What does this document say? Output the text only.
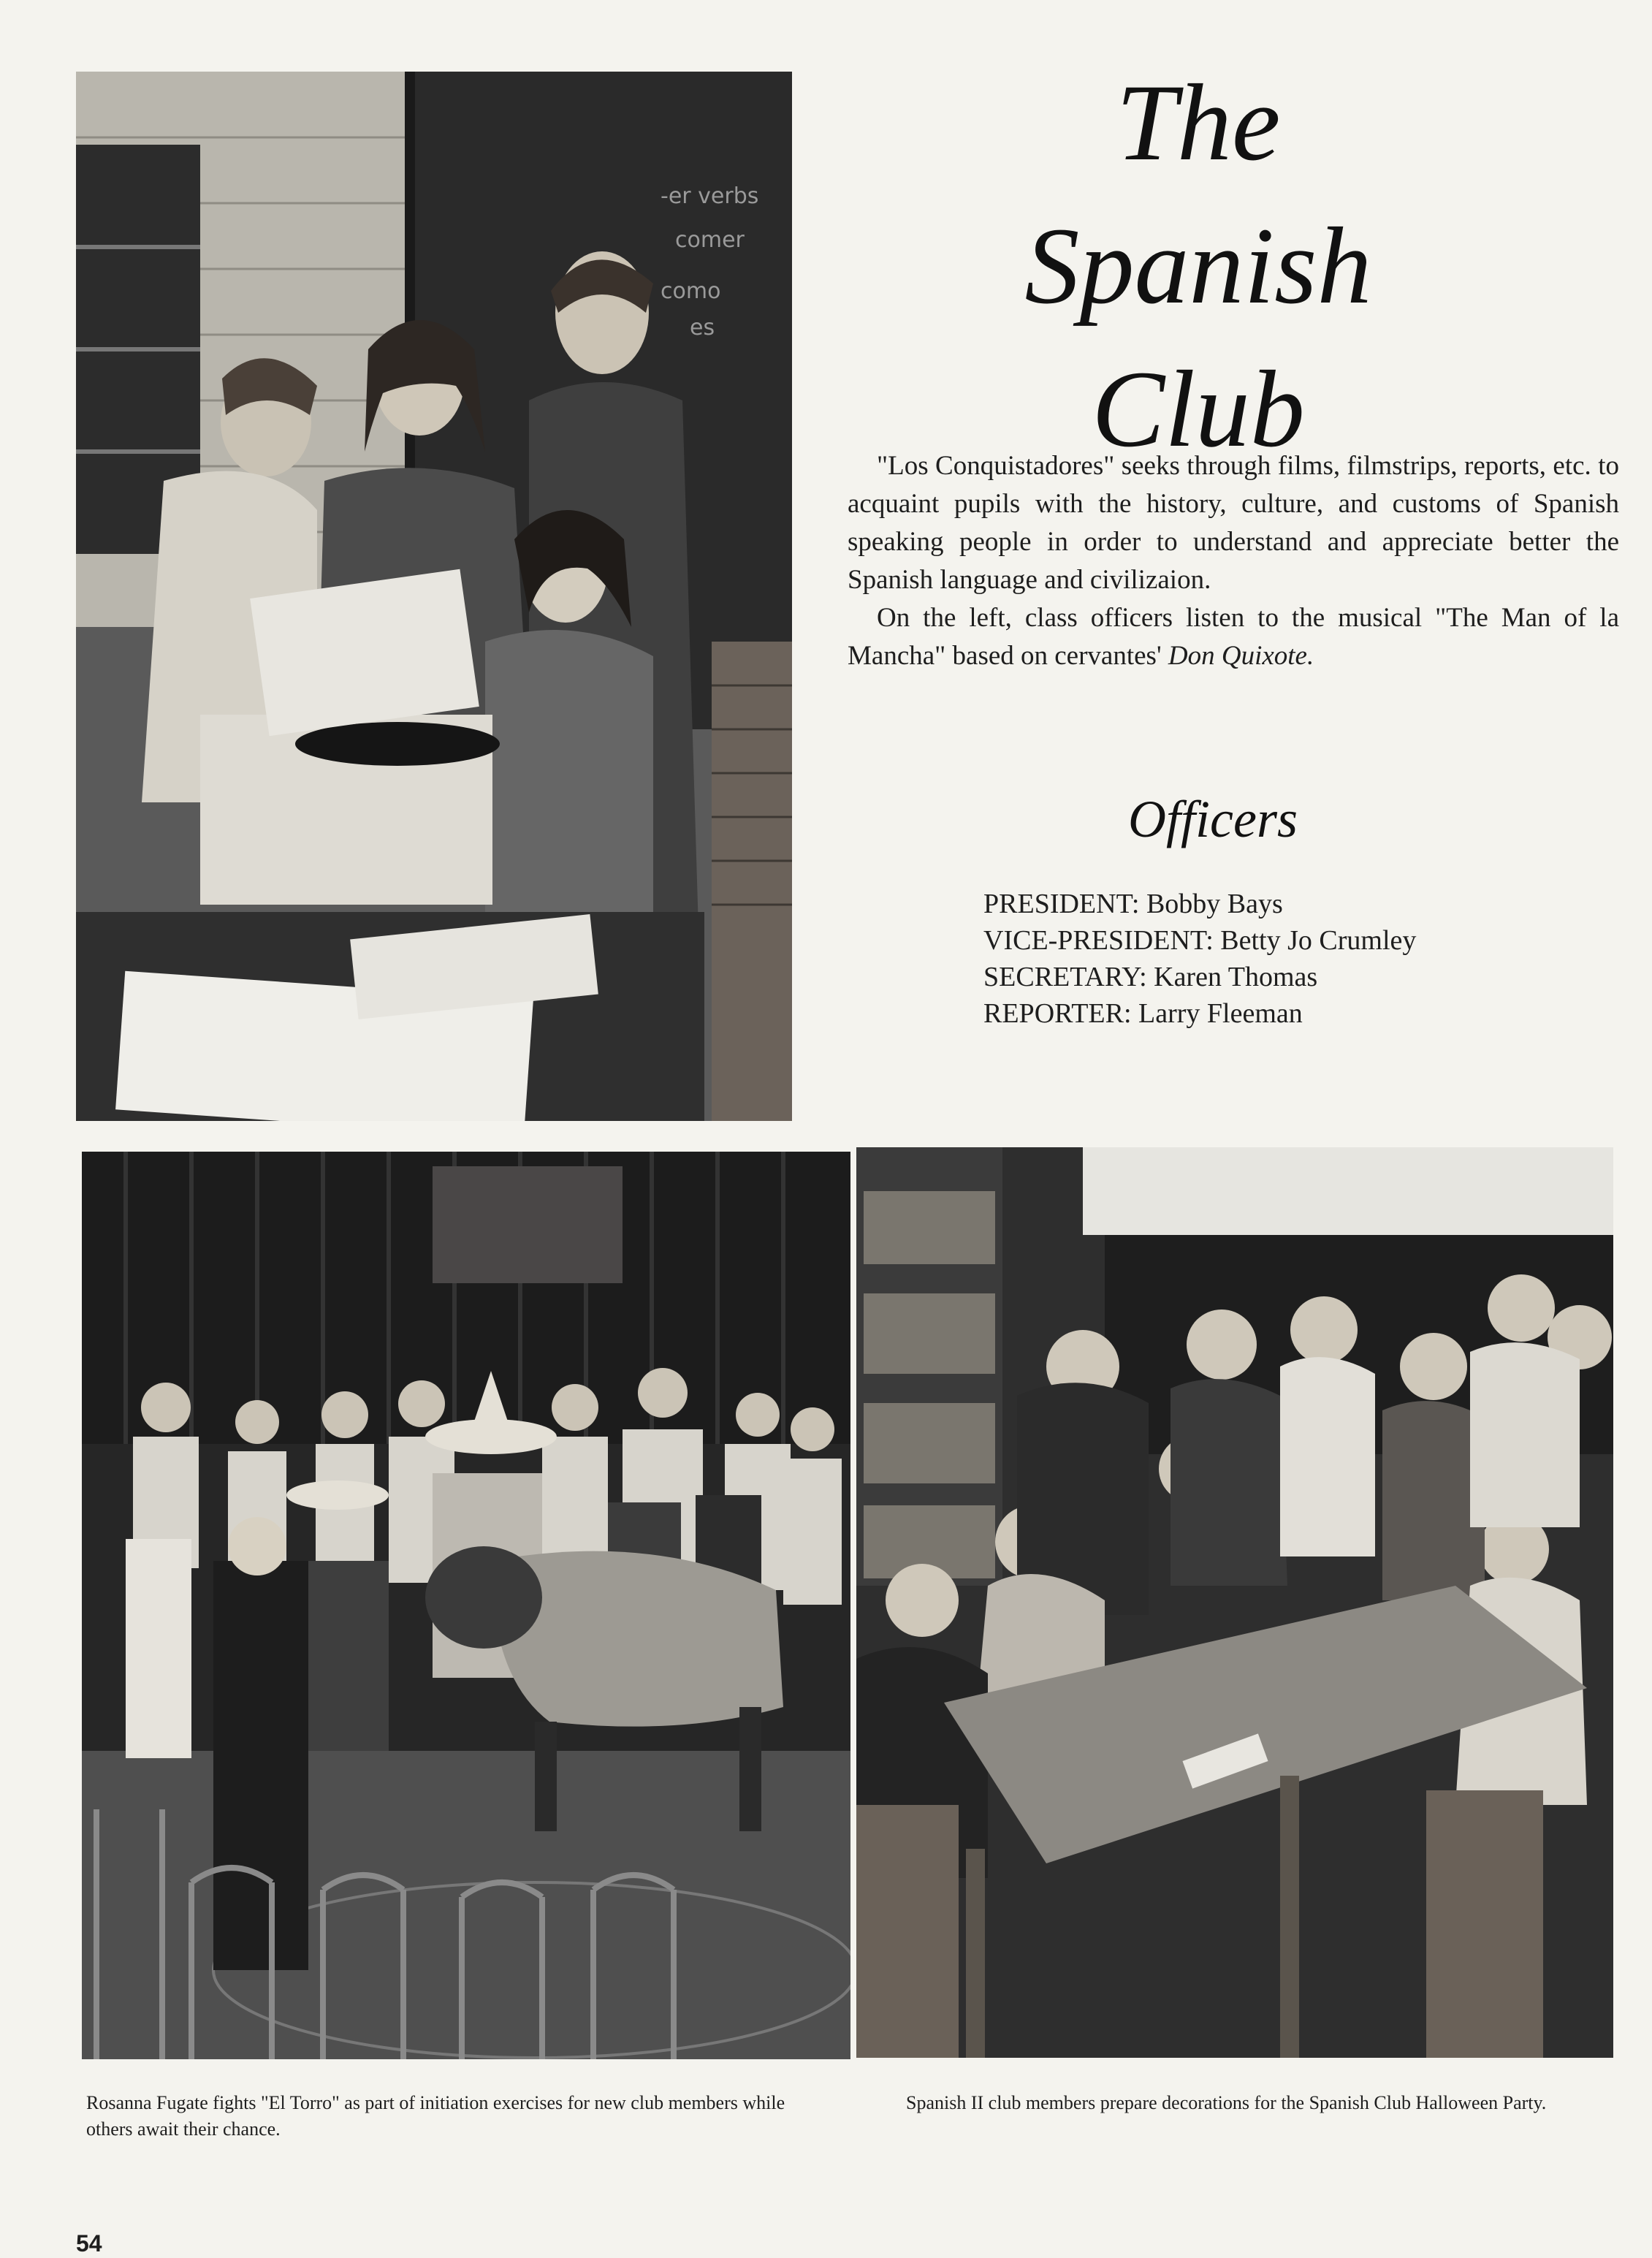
-er verbs
comer
como
es
The
Spanish
Club

"Los Conquistadores" seeks through films, filmstrips, reports, etc. to acquaint pupils with the history, culture, and customs of Spanish speaking people in order to understand and appreciate better the Spanish language and civilizaion.

On the left, class officers listen to the musical "The Man of la Mancha" based on cervantes' Don Quixote.

Officers
PRESIDENT: Bobby Bays
VICE-PRESIDENT: Betty Jo Crumley
SECRETARY: Karen Thomas
REPORTER: Larry Fleeman

Rosanna Fugate fights "El Torro" as part of initiation exercises for new club members while others await their chance.

Spanish II club members prepare decorations for the Spanish Club Halloween Party.

54
